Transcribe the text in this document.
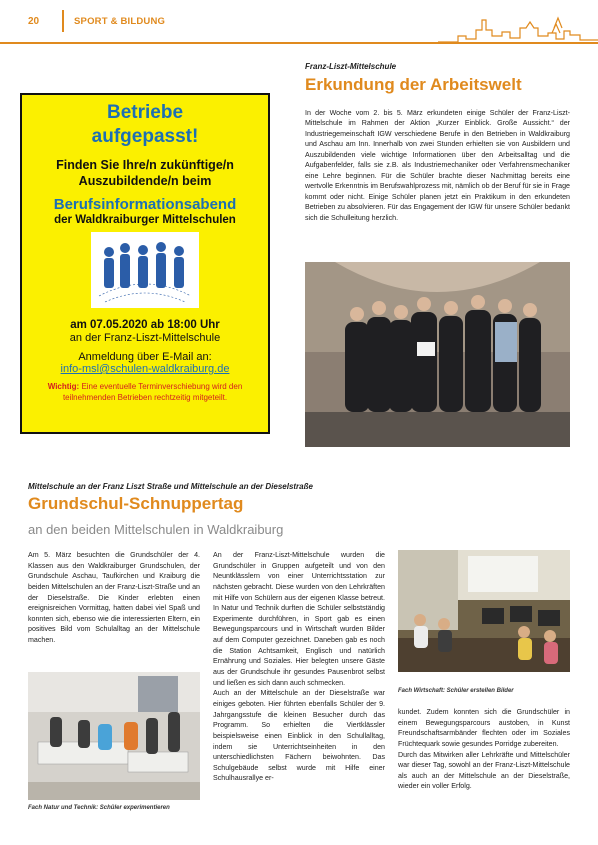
20	SPORT & BILDUNG
Betriebe
aufgepasst!
Finden Sie Ihre/n zukünftige/n
Auszubildende/n beim
Berufsinformationsabend
der Waldkraiburger Mittelschulen
am 07.05.2020 ab 18:00 Uhr
an der Franz-Liszt-Mittelschule
Anmeldung über E-Mail an:
info-msl@schulen-waldkraiburg.de
Wichtig: Eine eventuelle Terminverschiebung wird den teilnehmenden Betrieben rechtzeitig mitgeteilt.
Franz-Liszt-Mittelschule
Erkundung der Arbeitswelt
In der Woche vom 2. bis 5. März erkundeten einige Schüler der Franz-Liszt-Mittelschule im Rahmen der Aktion „Kurzer Einblick. Große Aussicht.“ der Industriegemeinschaft IGW verschiedene Berufe in den Betrieben in Waldkraiburg und Aschau am Inn. Innerhalb von zwei Stunden erhielten sie von Ausbildern und Auszubildenden viele wichtige Informationen über den Arbeitsalltag und die Aufgabenfelder, falls sie z.B. als Industriemechaniker oder Verfahrensmechaniker eine Lehre beginnen. Für die Schüler brachte dieser Nachmittag bereits eine wertvolle Erkenntnis im Berufswahlprozess mit, nämlich ob der Beruf für sie in Frage kommt oder nicht. Einige Schüler planen jetzt ein Praktikum in den erkundeten Betrieben zu absolvieren. Für das Engagement der IGW für unsere Schüler bedankt sich die Schulleitung herzlich.
Mittelschule an der Franz Liszt Straße und Mittelschule an der Dieselstraße
Grundschul-Schnuppertag
an den beiden Mittelschulen in Waldkraiburg
Am 5. März besuchten die Grundschüler der 4. Klassen aus den Waldkraiburger Grundschulen, der Grundschule Aschau, Taufkirchen und Kraiburg die beiden Mittelschulen an der Franz-Liszt-Straße und an der Dieselstraße. Die Kinder erlebten einen ereignisreichen Vormittag, hatten dabei viel Spaß und konnten sich, ebenso wie die interessierten Eltern, ein positives Bild vom Schulalltag an der Mittelschule machen.
Fach Natur und Technik: Schüler experimentieren
An der Franz-Liszt-Mittelschule wurden die Grundschüler in Gruppen aufgeteilt und von den Neuntklässlern von einer Unterrichtsstation zur nächsten gebracht. Diese wurden von den Lehrkräften mit Hilfe von Schülern aus der eigenen Klasse betreut. In Natur und Technik durften die Schüler selbstständig Experimente durchführen, in Sport gab es einen Bewegungsparcours und in Wirtschaft wurden Bilder auf dem Computer gezeichnet. Daneben gab es noch die Station Achtsamkeit, Englisch und natürlich Ernährung und Soziales. Hier belegten unsere Gäste aus der Grundschule ihr gesundes Pausenbrot selbst und ließen es sich dann auch schmecken.
Auch an der Mittelschule an der Dieselstraße war einiges geboten. Hier führten ebenfalls Schüler der 9. Jahrgangsstufe die kleinen Besucher durch das Programm. So erhielten die Viertklässler beispielsweise einen Einblick in den Schullalltag, indem sie Unterrichtseinheiten in den unterschiedlichsten Fächern beiwohnten. Das Schulgebäude selbst wurde mit Hilfe einer Schulhausrallye er-
Fach Wirtschaft: Schüler erstellen Bilder
kundet. Zudem konnten sich die Grundschüler in einem Bewegungsparcours austoben, in Kunst Freundschaftsarmbänder flechten oder im Soziales Früchtequark sowie gesundes Porridge zubereiten.
Durch das Mitwirken aller Lehrkräfte und Mittelschüler war dieser Tag, sowohl an der Franz-Liszt-Mittelschule als auch an der Mittelschule an der Dieselstraße, wieder ein voller Erfolg.
